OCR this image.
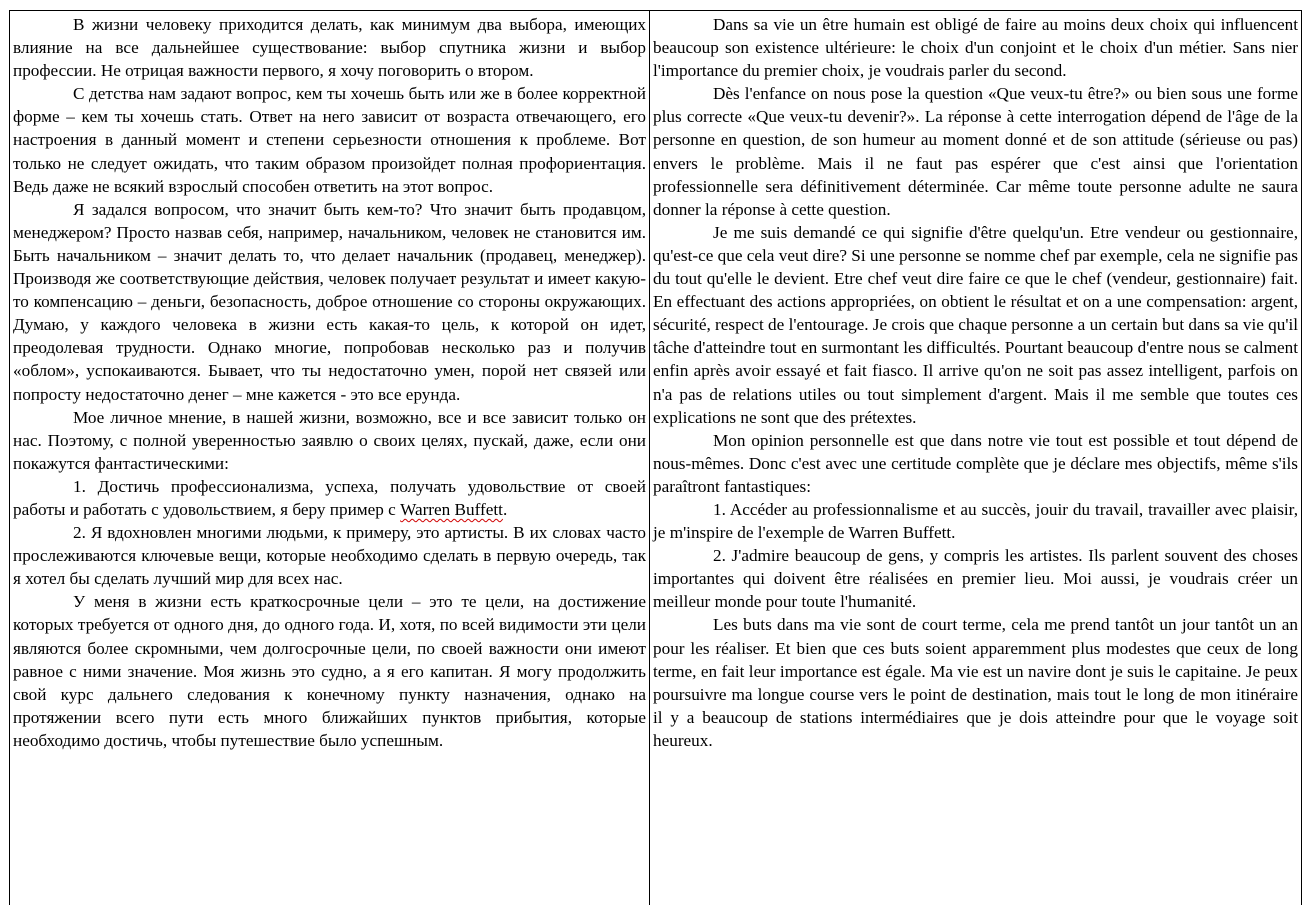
В жизни человеку приходится делать, как минимум два выбора, имеющих влияние на все дальнейшее существование: выбор спутника жизни и выбор профессии. Не отрицая важности первого, я хочу поговорить о втором.

С детства нам задают вопрос, кем ты хочешь быть или же в более корректной форме – кем ты хочешь стать. Ответ на него зависит от возраста отвечающего, его настроения в данный момент и степени серьезности отношения к проблеме. Вот только не следует ожидать, что таким образом произойдет полная профориентация. Ведь даже не всякий взрослый способен ответить на этот вопрос.

Я задался вопросом, что значит быть кем-то? Что значит быть продавцом, менеджером? Просто назвав себя, например, начальником, человек не становится им. Быть начальником – значит делать то, что делает начальник (продавец, менеджер). Производя же соответствующие действия, человек получает результат и имеет какую-то компенсацию – деньги, безопасность, доброе отношение со стороны окружающих. Думаю, у каждого человека в жизни есть какая-то цель, к которой он идет, преодолевая трудности. Однако многие, попробовав несколько раз и получив «облом», успокаиваются. Бывает, что ты недостаточно умен, порой нет связей или попросту недостаточно денег – мне кажется - это все ерунда.

Мое личное мнение, в нашей жизни, возможно, все и все зависит только он нас. Поэтому, с полной уверенностью заявлю о своих целях, пускай, даже, если они покажутся фантастическими:

1. Достичь профессионализма, успеха, получать удовольствие от своей работы и работать с удовольствием, я беру пример с Warren Buffett.

2. Я вдохновлен многими людьми, к примеру, это артисты. В их словах часто прослеживаются ключевые вещи, которые необходимо сделать в первую очередь, так я хотел бы сделать лучший мир для всех нас.

У меня в жизни есть краткосрочные цели – это те цели, на достижение которых требуется от одного дня, до одного года. И, хотя, по всей видимости эти цели являются более скромными, чем долгосрочные цели, по своей важности они имеют равное с ними значение. Моя жизнь это судно, а я его капитан. Я могу продолжить свой курс дальнего следования к конечному пункту назначения, однако на протяжении всего пути есть много ближайших пунктов прибытия, которые необходимо достичь, чтобы путешествие было успешным.

Dans sa vie un être humain est obligé de faire au moins deux choix qui influencent beaucoup son existence ultérieure: le choix d'un conjoint et le choix d'un métier. Sans nier l'importance du premier choix, je voudrais parler du second.

Dès l'enfance on nous pose la question «Que veux-tu être?» ou bien sous une forme plus correcte «Que veux-tu devenir?». La réponse à cette interrogation dépend de l'âge de la personne en question, de son humeur au moment donné et de son attitude (sérieuse ou pas) envers le problème. Mais il ne faut pas espérer que c'est ainsi que l'orientation professionnelle sera définitivement déterminée. Car même toute personne adulte ne saura donner la réponse à cette question.

Je me suis demandé ce qui signifie d'être quelqu'un. Etre vendeur ou gestionnaire, qu'est-ce que cela veut dire? Si une personne se nomme chef par exemple, cela ne signifie pas du tout qu'elle le devient. Etre chef veut dire faire ce que le chef (vendeur, gestionnaire) fait. En effectuant des actions appropriées, on obtient le résultat et on a une compensation: argent, sécurité, respect de l'entourage. Je crois que chaque personne a un certain but dans sa vie qu'il tâche d'atteindre tout en surmontant les difficultés. Pourtant beaucoup d'entre nous se calment enfin après avoir essayé et fait fiasco. Il arrive qu'on ne soit pas assez intelligent, parfois on n'a pas de relations utiles ou tout simplement d'argent. Mais il me semble que toutes ces explications ne sont que des prétextes.

Mon opinion personnelle est que dans notre vie tout est possible et tout dépend de nous-mêmes. Donc c'est avec une certitude complète que je déclare mes objectifs, même s'ils paraîtront fantastiques:

1. Accéder au professionnalisme et au succès, jouir du travail, travailler avec plaisir, je m'inspire de l'exemple de Warren Buffett.

2. J'admire beaucoup de gens, y compris les artistes. Ils parlent souvent des choses importantes qui doivent être réalisées en premier lieu. Moi aussi, je voudrais créer un meilleur monde pour toute l'humanité.

Les buts dans ma vie sont de court terme, cela me prend tantôt un jour tantôt un an pour les réaliser. Et bien que ces buts soient apparemment plus modestes que ceux de long terme, en fait leur importance est égale. Ma vie est un navire dont je suis le capitaine. Je peux poursuivre ma longue course vers le point de destination, mais tout le long de mon itinéraire il y a beaucoup de stations intermédiaires que je dois atteindre pour que le voyage soit heureux.
